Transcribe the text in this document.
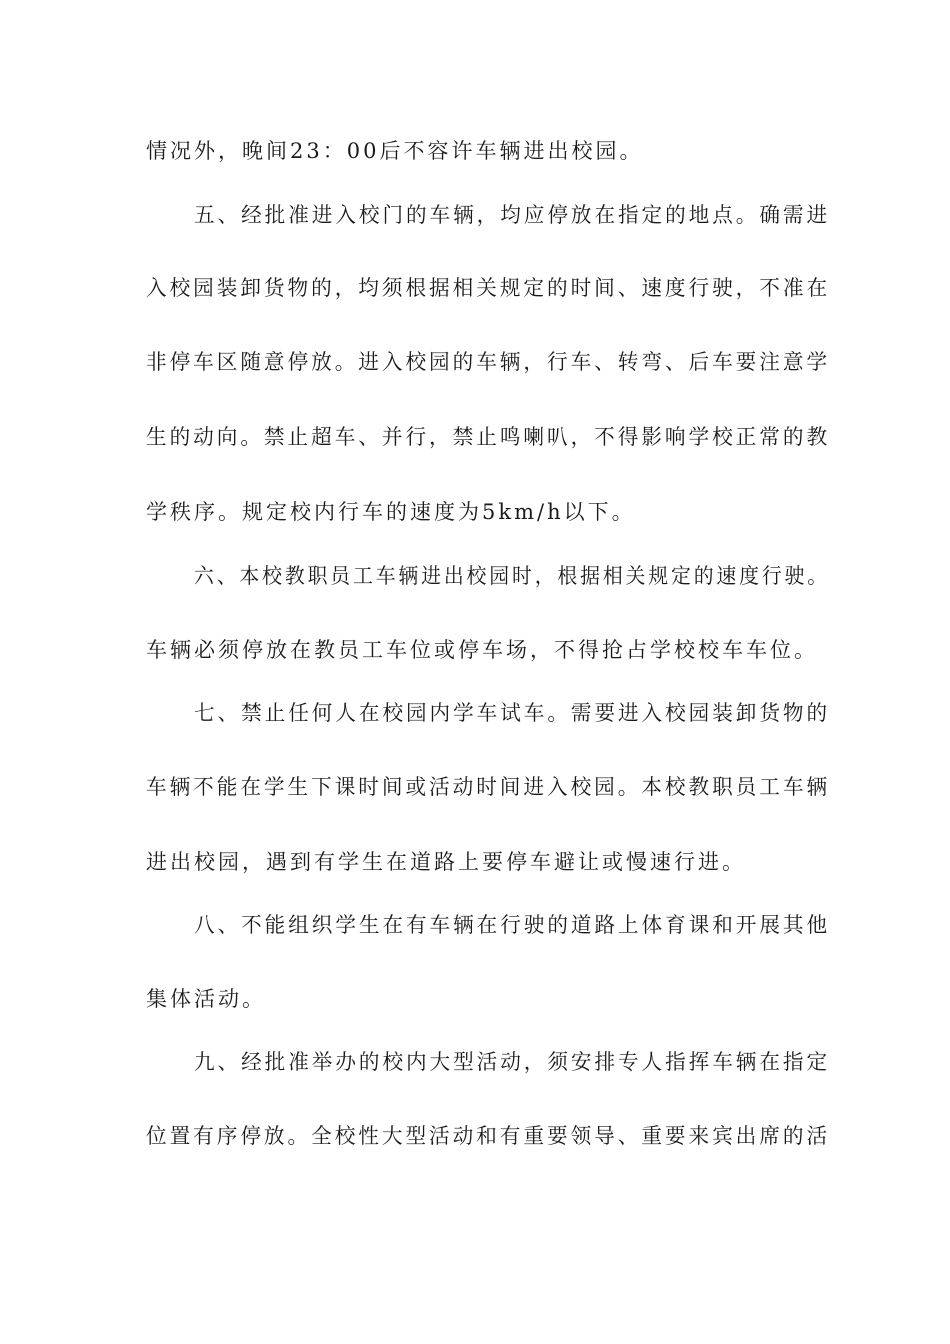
情况外，晚间23：00后不容许车辆进出校园。
五、经批准进入校门的车辆，均应停放在指定的地点。确需进
入校园装卸货物的，均须根据相关规定的时间、速度行驶，不准在
非停车区随意停放。进入校园的车辆，行车、转弯、后车要注意学
生的动向。禁止超车、并行，禁止鸣喇叭，不得影响学校正常的教
学秩序。规定校内行车的速度为5km/h以下。
六、本校教职员工车辆进出校园时，根据相关规定的速度行驶。
车辆必须停放在教员工车位或停车场，不得抢占学校校车车位。
七、禁止任何人在校园内学车试车。需要进入校园装卸货物的
车辆不能在学生下课时间或活动时间进入校园。本校教职员工车辆
进出校园，遇到有学生在道路上要停车避让或慢速行进。
八、不能组织学生在有车辆在行驶的道路上体育课和开展其他
集体活动。
九、经批准举办的校内大型活动，须安排专人指挥车辆在指定
位置有序停放。全校性大型活动和有重要领导、重要来宾出席的活
